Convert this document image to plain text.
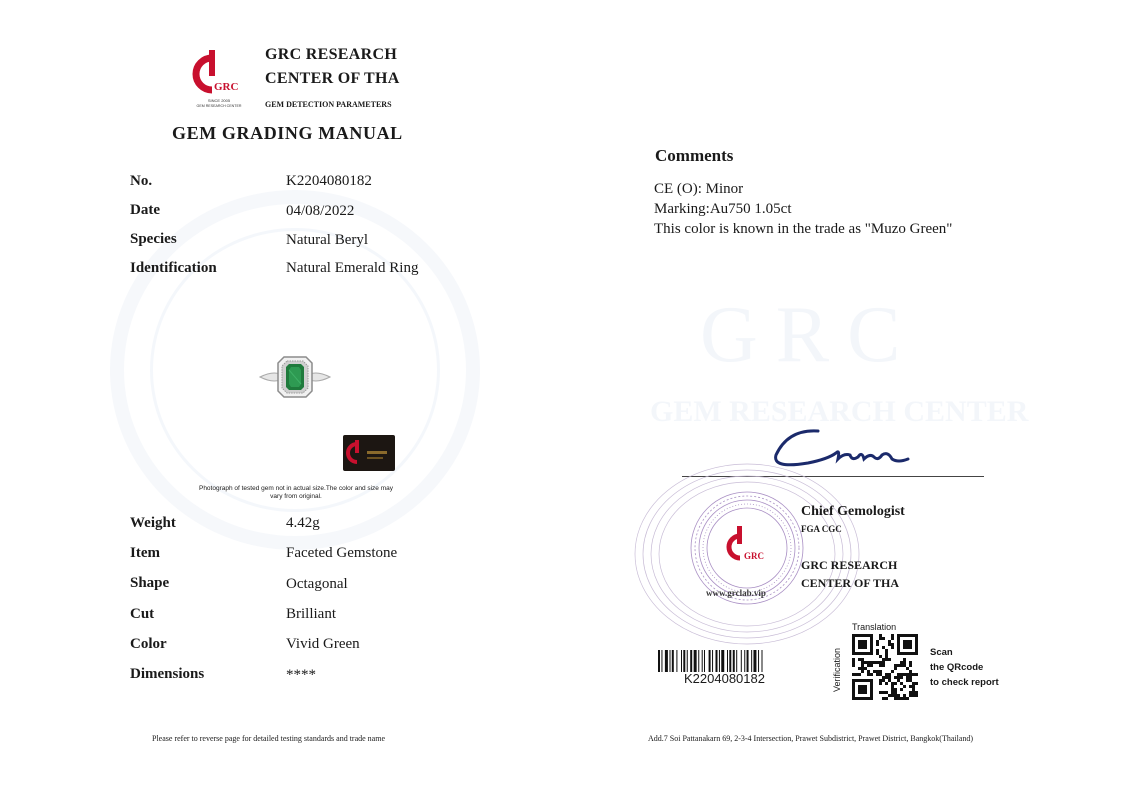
GRC
GEM RESEARCH CENTER
GRC
SINCE 2005
GEM RESEARCH CENTER
GRC RESEARCH
CENTER OF THA
GEM DETECTION PARAMETERS
GEM GRADING MANUAL
No.	K2204080182
Date	04/08/2022
Species	Natural Beryl
Identification	Natural Emerald Ring
Photograph of tested gem not in actual size.The color and size may vary from original.
Weight	4.42g
Item	Faceted Gemstone
Shape	Octagonal
Cut	Brilliant
Color	Vivid Green
Dimensions	****
Please refer to reverse page for detailed testing standards and trade name
Comments
CE (O): Minor
Marking:Au750 1.05ct
This color is known in the trade as "Muzo Green"
GRC
Chief Gemologist
FGA CGC
GRC RESEARCH
CENTER OF THA
www.grclab.vip
K2204080182
Translation
Verification	Scan
the QRcode
to check report
Add.7 Soi Pattanakarn 69, 2-3-4 Intersection, Prawet Subdistrict, Prawet District, Bangkok(Thailand)
